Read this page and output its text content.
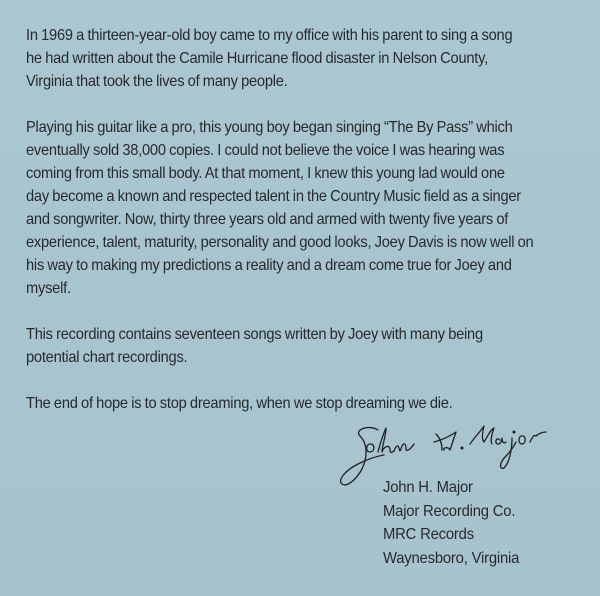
In 1969 a thirteen-year-old boy came to my office with his parent to sing a song
he had written about the Camile Hurricane flood disaster in Nelson County,
Virginia that took the lives of many people.

Playing his guitar like a pro, this young boy began singing “The By Pass” which
eventually sold 38,000 copies. I could not believe the voice I was hearing was
coming from this small body. At that moment, I knew this young lad would one
day become a known and respected talent in the Country Music field as a singer
and songwriter. Now, thirty three years old and armed with twenty five years of
experience, talent, maturity, personality and good looks, Joey Davis is now well on
his way to making my predictions a reality and a dream come true for Joey and
myself.

This recording contains seventeen songs written by Joey with many being
potential chart recordings.

The end of hope is to stop dreaming, when we stop dreaming we die.

John H. Major
Major Recording Co.
MRC Records
Waynesboro, Virginia
